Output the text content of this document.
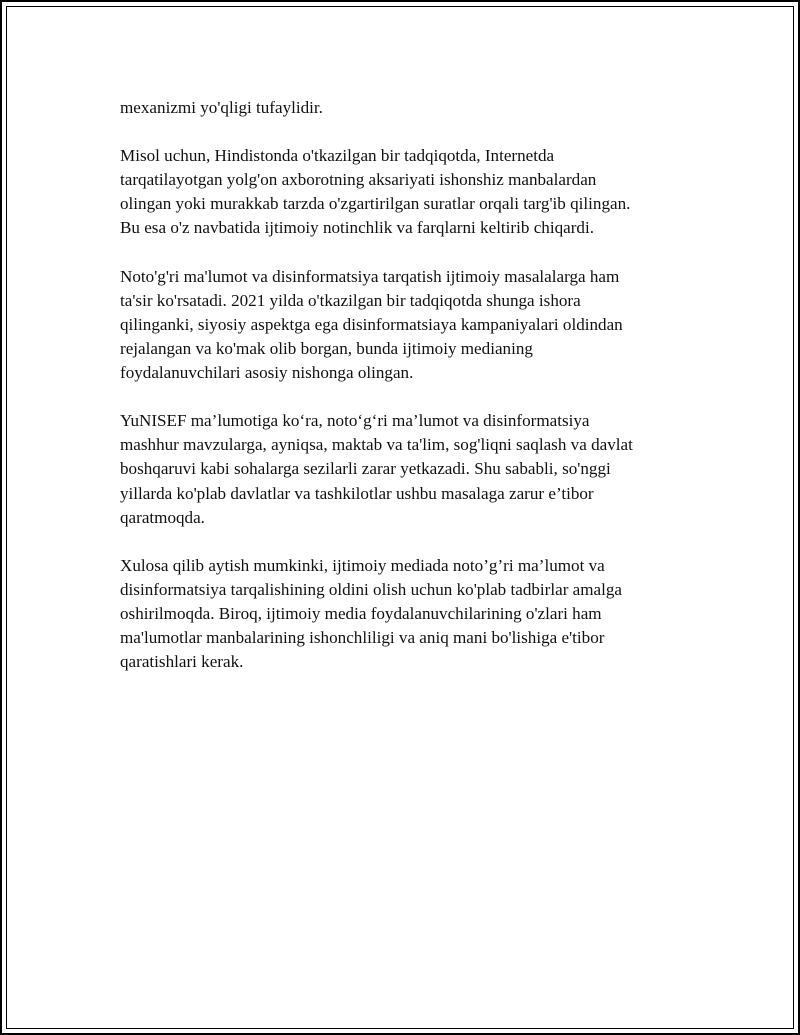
mexanizmi yo'qligi tufaylidir.
Misol uchun, Hindistonda o'tkazilgan bir tadqiqotda, Internetda
tarqatilayotgan yolg'on axborotning aksariyati ishonshiz manbalardan
olingan yoki murakkab tarzda o'zgartirilgan suratlar orqali targ'ib qilingan.
Bu esa o'z navbatida ijtimoiy notinchlik va farqlarni keltirib chiqardi.
Noto'g'ri ma'lumot va disinformatsiya tarqatish ijtimoiy masalalarga ham
ta'sir ko'rsatadi. 2021 yilda o'tkazilgan bir tadqiqotda shunga ishora
qilinganki, siyosiy aspektga ega disinformatsiaya kampaniyalari oldindan
rejalangan va ko'mak olib borgan, bunda ijtimoiy medianing
foydalanuvchilari asosiy nishonga olingan.
YuNISEF ma’lumotiga ko‘ra, noto‘g‘ri ma’lumot va disinformatsiya
mashhur mavzularga, ayniqsa, maktab va ta'lim, sog'liqni saqlash va davlat
boshqaruvi kabi sohalarga sezilarli zarar yetkazadi. Shu sababli, so'nggi
yillarda ko'plab davlatlar va tashkilotlar ushbu masalaga zarur e’tibor
qaratmoqda.
Xulosa qilib aytish mumkinki, ijtimoiy mediada noto’g’ri ma’lumot va
disinformatsiya tarqalishining oldini olish uchun ko'plab tadbirlar amalga
oshirilmoqda. Biroq, ijtimoiy media foydalanuvchilarining o'zlari ham
ma'lumotlar manbalarining ishonchliligi va aniq mani bo'lishiga e'tibor
qaratishlari kerak.
